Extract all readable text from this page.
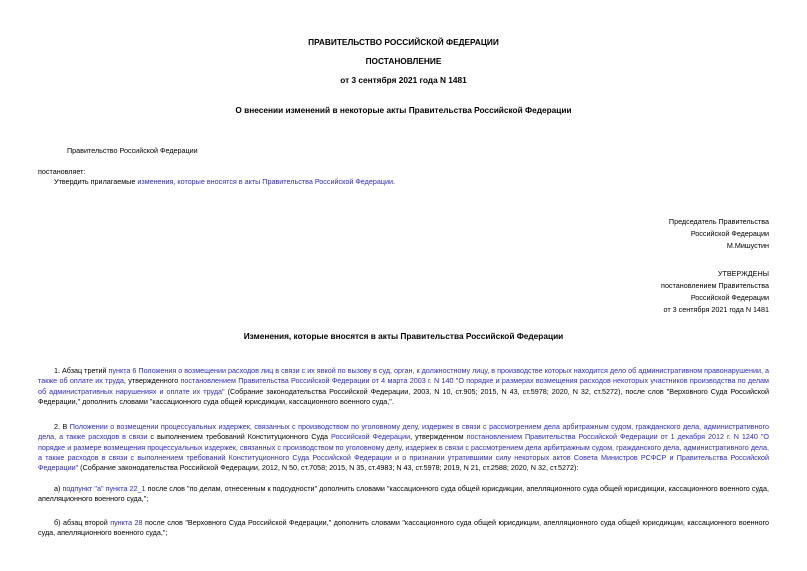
ПРАВИТЕЛЬСТВО РОССИЙСКОЙ ФЕДЕРАЦИИ
ПОСТАНОВЛЕНИЕ
от 3 сентября 2021 года N 1481
О внесении изменений в некоторые акты Правительства Российской Федерации
Правительство Российской Федерации
постановляет:
Утвердить прилагаемые изменения, которые вносятся в акты Правительства Российской Федерации.
Председатель Правительства
Российской Федерации
М.Мишустин
УТВЕРЖДЕНЫ
постановлением Правительства
Российской Федерации
от 3 сентября 2021 года N 1481
Изменения, которые вносятся в акты Правительства Российской Федерации
1. Абзац третий пункта 6 Положения о возмещении расходов лиц в связи с их явкой по вызову в суд, орган, к должностному лицу, в производстве которых находится дело об административном правонарушении, а также об оплате их труда, утвержденного постановлением Правительства Российской Федерации от 4 марта 2003 г. N 140 "О порядке и размерах возмещения расходов некоторых участников производства по делам об административных нарушениях и оплате их труда" (Собрание законодательства Российской Федерации, 2003, N 10, ст.905; 2015, N 43, ст.5978; 2020, N 32, ст.5272), после слов "Верховного Суда Российской Федерации," дополнить словами "кассационного суда общей юрисдикции, кассационного военного суда,".
2. В Положении о возмещении процессуальных издержек, связанных с производством по уголовному делу, издержек в связи с рассмотрением дела арбитражным судом, гражданского дела, административного дела, а также расходов в связи с выполнением требований Конституционного Суда Российской Федерации, утвержденном постановлением Правительства Российской Федерации от 1 декабря 2012 г. N 1240 "О порядке и размере возмещения процессуальных издержек, связанных с производством по уголовному делу, издержек в связи с рассмотрением дела арбитражным судом, гражданского дела, административного дела, а также расходов в связи с выполнением требований Конституционного Суда Российской Федерации и о признании утратившими силу некоторых актов Совета Министров РСФСР и Правительства Российской Федерации" (Собрание законодательства Российской Федерации, 2012, N 50, ст.7058; 2015, N 35, ст.4983; N 43, ст.5978; 2019, N 21, ст.2588; 2020, N 32, ст.5272):
а) подпункт "а" пункта 22_1 после слов "по делам, отнесенным к подсудности" дополнить словами "кассационного суда общей юрисдикции, апелляционного суда общей юрисдикции, кассационного военного суда, апелляционного военного суда,";
б) абзац второй пункта 28 после слов "Верховного Суда Российской Федерации," дополнить словами "кассационного суда общей юрисдикции, апелляционного суда общей юрисдикции, кассационного военного суда, апелляционного военного суда,";
